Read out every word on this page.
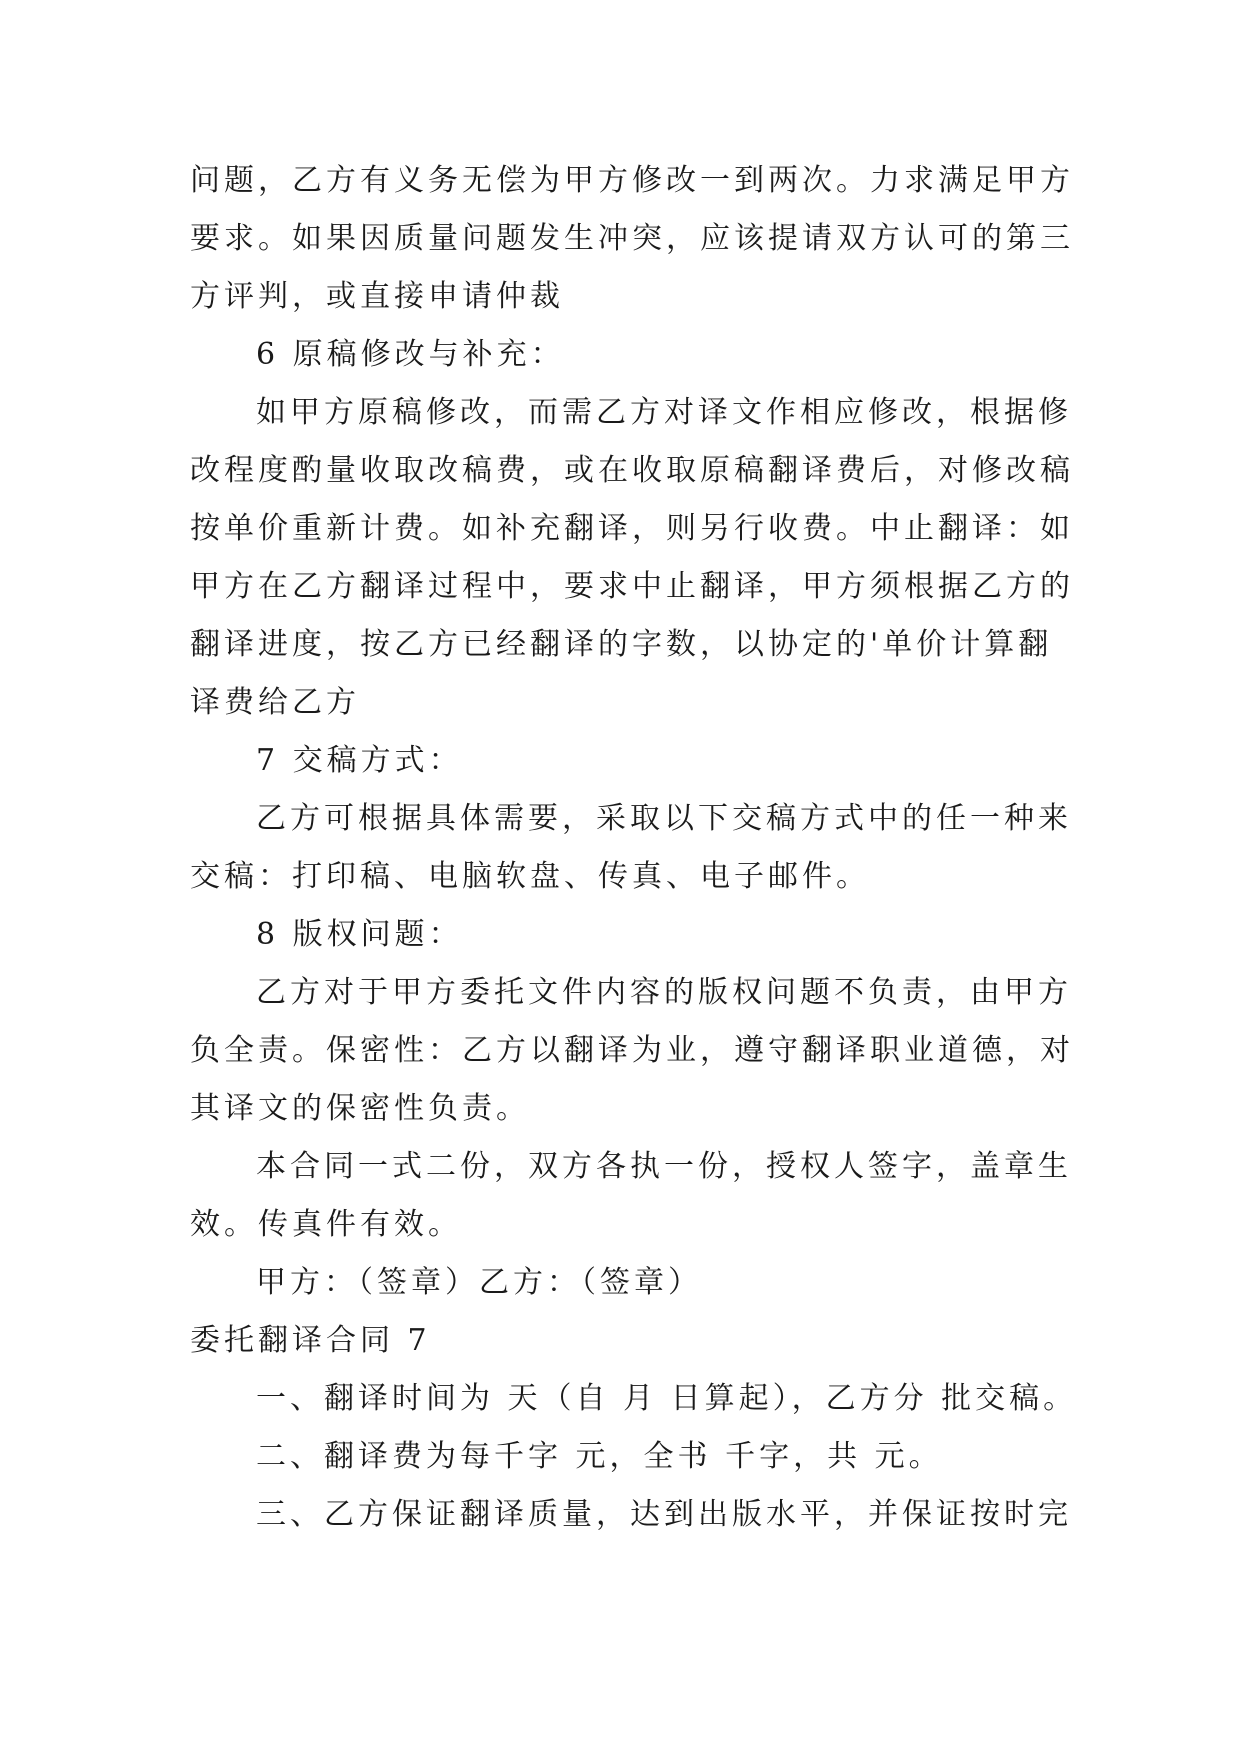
问题，乙方有义务无偿为甲方修改一到两次。力求满足甲方
要求。如果因质量问题发生冲突，应该提请双方认可的第三
方评判，或直接申请仲裁
6 原稿修改与补充：
如甲方原稿修改，而需乙方对译文作相应修改，根据修
改程度酌量收取改稿费，或在收取原稿翻译费后，对修改稿
按单价重新计费。如补充翻译，则另行收费。中止翻译：如
甲方在乙方翻译过程中，要求中止翻译，甲方须根据乙方的
翻译进度，按乙方已经翻译的字数，以协定的'单价计算翻
译费给乙方
7 交稿方式：
乙方可根据具体需要，采取以下交稿方式中的任一种来
交稿：打印稿、电脑软盘、传真、电子邮件。
8 版权问题：
乙方对于甲方委托文件内容的版权问题不负责，由甲方
负全责。保密性：乙方以翻译为业，遵守翻译职业道德，对
其译文的保密性负责。
本合同一式二份，双方各执一份，授权人签字，盖章生
效。传真件有效。
甲方：（签章）乙方：（签章）
委托翻译合同 7
一、翻译时间为 天（自 月 日算起），乙方分 批交稿。
二、翻译费为每千字 元，全书 千字，共 元。
三、乙方保证翻译质量，达到出版水平，并保证按时完
